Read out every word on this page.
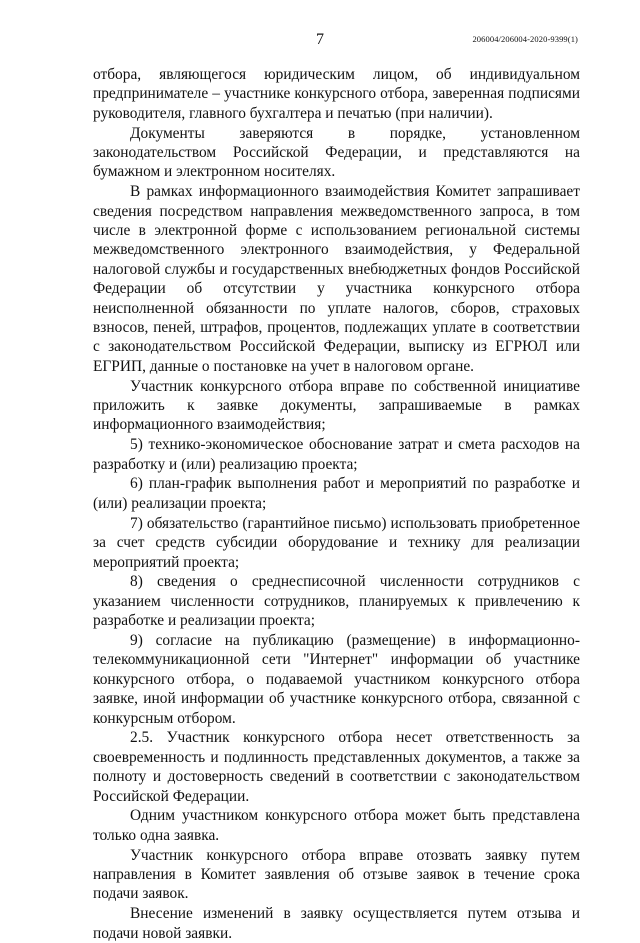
7	206004/206004-2020-9399(1)

отбора, являющегося юридическим лицом, об индивидуальном предпринимателе – участнике конкурсного отбора, заверенная подписями руководителя, главного бухгалтера и печатью (при наличии).

Документы заверяются в порядке, установленном законодательством Российской Федерации, и представляются на бумажном и электронном носителях.

В рамках информационного взаимодействия Комитет запрашивает сведения посредством направления межведомственного запроса, в том числе в электронной форме с использованием региональной системы межведомственного электронного взаимодействия, у Федеральной налоговой службы и государственных внебюджетных фондов Российской Федерации об отсутствии у участника конкурсного отбора неисполненной обязанности по уплате налогов, сборов, страховых взносов, пеней, штрафов, процентов, подлежащих уплате в соответствии с законодательством Российской Федерации, выписку из ЕГРЮЛ или ЕГРИП, данные о постановке на учет в налоговом органе.

Участник конкурсного отбора вправе по собственной инициативе приложить к заявке документы, запрашиваемые в рамках информационного взаимодействия;

5) технико-экономическое обоснование затрат и смета расходов на разработку и (или) реализацию проекта;

6) план-график выполнения работ и мероприятий по разработке и (или) реализации проекта;

7) обязательство (гарантийное письмо) использовать приобретенное за счет средств субсидии оборудование и технику для реализации мероприятий проекта;

8) сведения о среднесписочной численности сотрудников с указанием численности сотрудников, планируемых к привлечению к разработке и реализации проекта;

9) согласие на публикацию (размещение) в информационно-телекоммуникационной сети "Интернет" информации об участнике конкурсного отбора, о подаваемой участником конкурсного отбора заявке, иной информации об участнике конкурсного отбора, связанной с конкурсным отбором.

2.5. Участник конкурсного отбора несет ответственность за своевременность и подлинность представленных документов, а также за полноту и достоверность сведений в соответствии с законодательством Российской Федерации.

Одним участником конкурсного отбора может быть представлена только одна заявка.

Участник конкурсного отбора вправе отозвать заявку путем направления в Комитет заявления об отзыве заявок в течение срока подачи заявок.

Внесение изменений в заявку осуществляется путем отзыва и подачи новой заявки.
